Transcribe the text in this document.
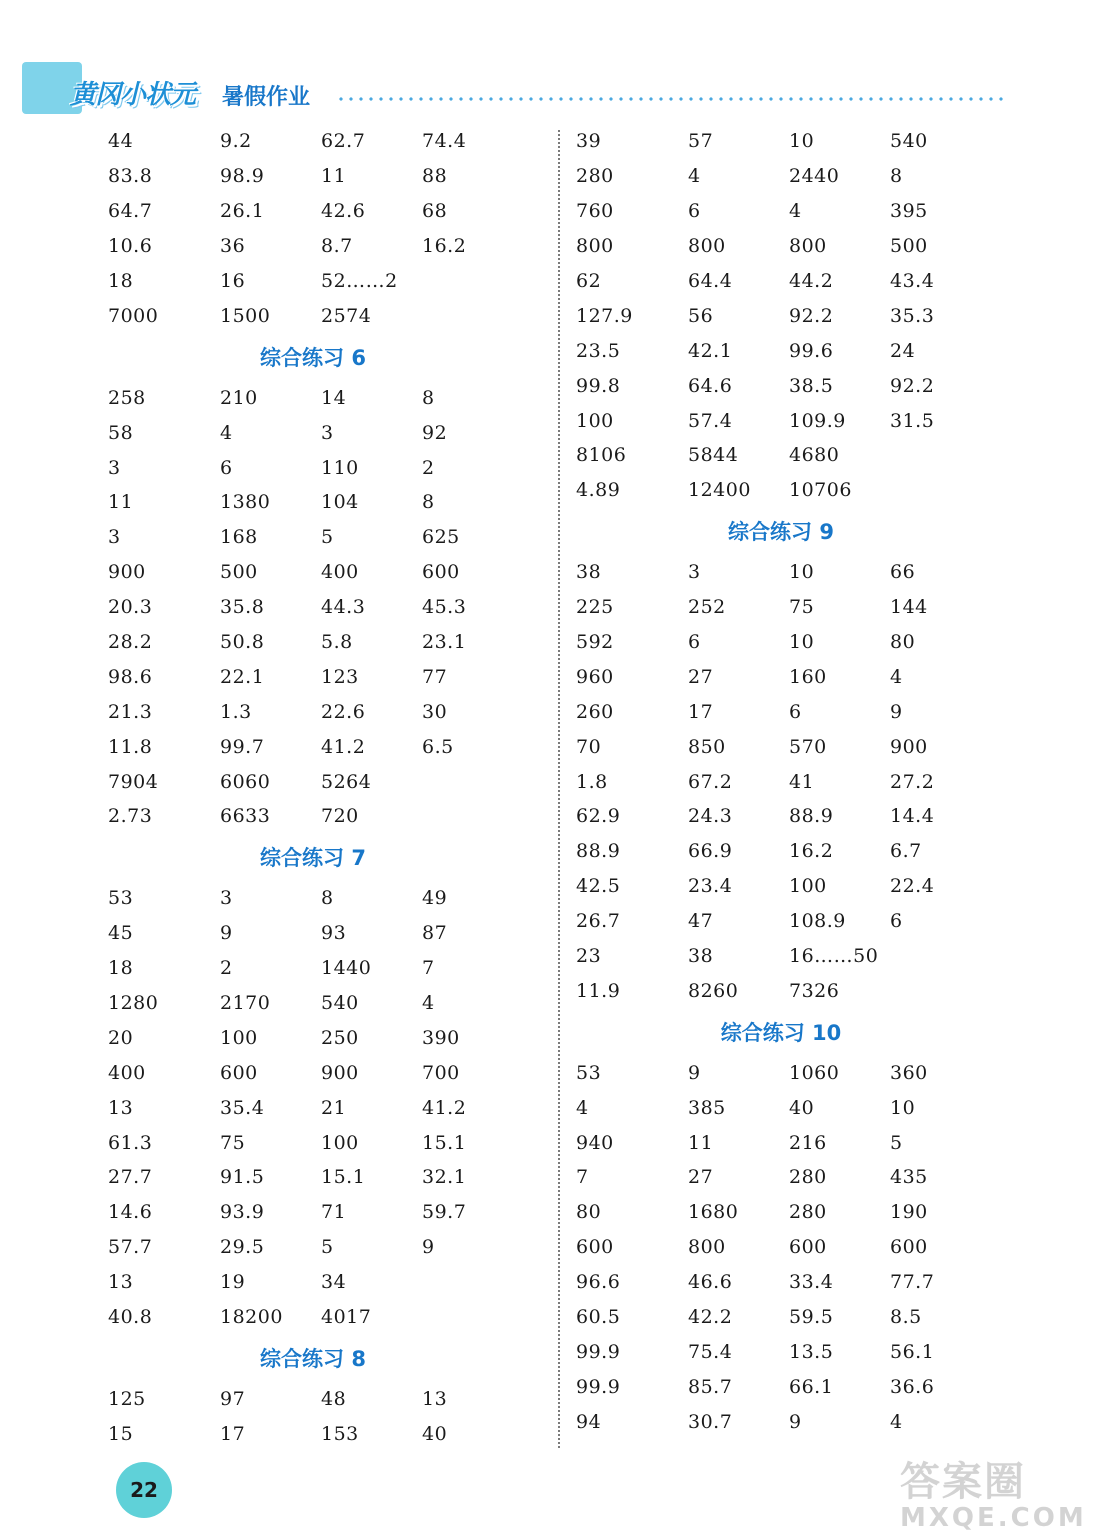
黄冈小状元 暑假作业
44	9.2	62.7	74.4
83.8	98.9	11	88
64.7	26.1	42.6	68
10.6	36	8.7	16.2
18	16	52……2
7000	1500	2574
综合练习 6
258	210	14	8
58	4	3	92
3	6	110	2
11	1380	104	8
3	168	5	625
900	500	400	600
20.3	35.8	44.3	45.3
28.2	50.8	5.8	23.1
98.6	22.1	123	77
21.3	1.3	22.6	30
11.8	99.7	41.2	6.5
7904	6060	5264
2.73	6633	720
综合练习 7
53	3	8	49
45	9	93	87
18	2	1440	7
1280	2170	540	4
20	100	250	390
400	600	900	700
13	35.4	21	41.2
61.3	75	100	15.1
27.7	91.5	15.1	32.1
14.6	93.9	71	59.7
57.7	29.5	5	9
13	19	34
40.8	18200	4017
综合练习 8
125	97	48	13
15	17	153	40
39	57	10	540
280	4	2440	8
760	6	4	395
800	800	800	500
62	64.4	44.2	43.4
127.9	56	92.2	35.3
23.5	42.1	99.6	24
99.8	64.6	38.5	92.2
100	57.4	109.9	31.5
8106	5844	4680
4.89	12400	10706
综合练习 9
38	3	10	66
225	252	75	144
592	6	10	80
960	27	160	4
260	17	6	9
70	850	570	900
1.8	67.2	41	27.2
62.9	24.3	88.9	14.4
88.9	66.9	16.2	6.7
42.5	23.4	100	22.4
26.7	47	108.9	6
23	38	16……50
11.9	8260	7326
综合练习 10
53	9	1060	360
4	385	40	10
940	11	216	5
7	27	280	435
80	1680	280	190
600	800	600	600
96.6	46.6	33.4	77.7
60.5	42.2	59.5	8.5
99.9	75.4	13.5	56.1
99.9	85.7	66.1	36.6
94	30.7	9	4
22	答案圈
MXQE.COM
